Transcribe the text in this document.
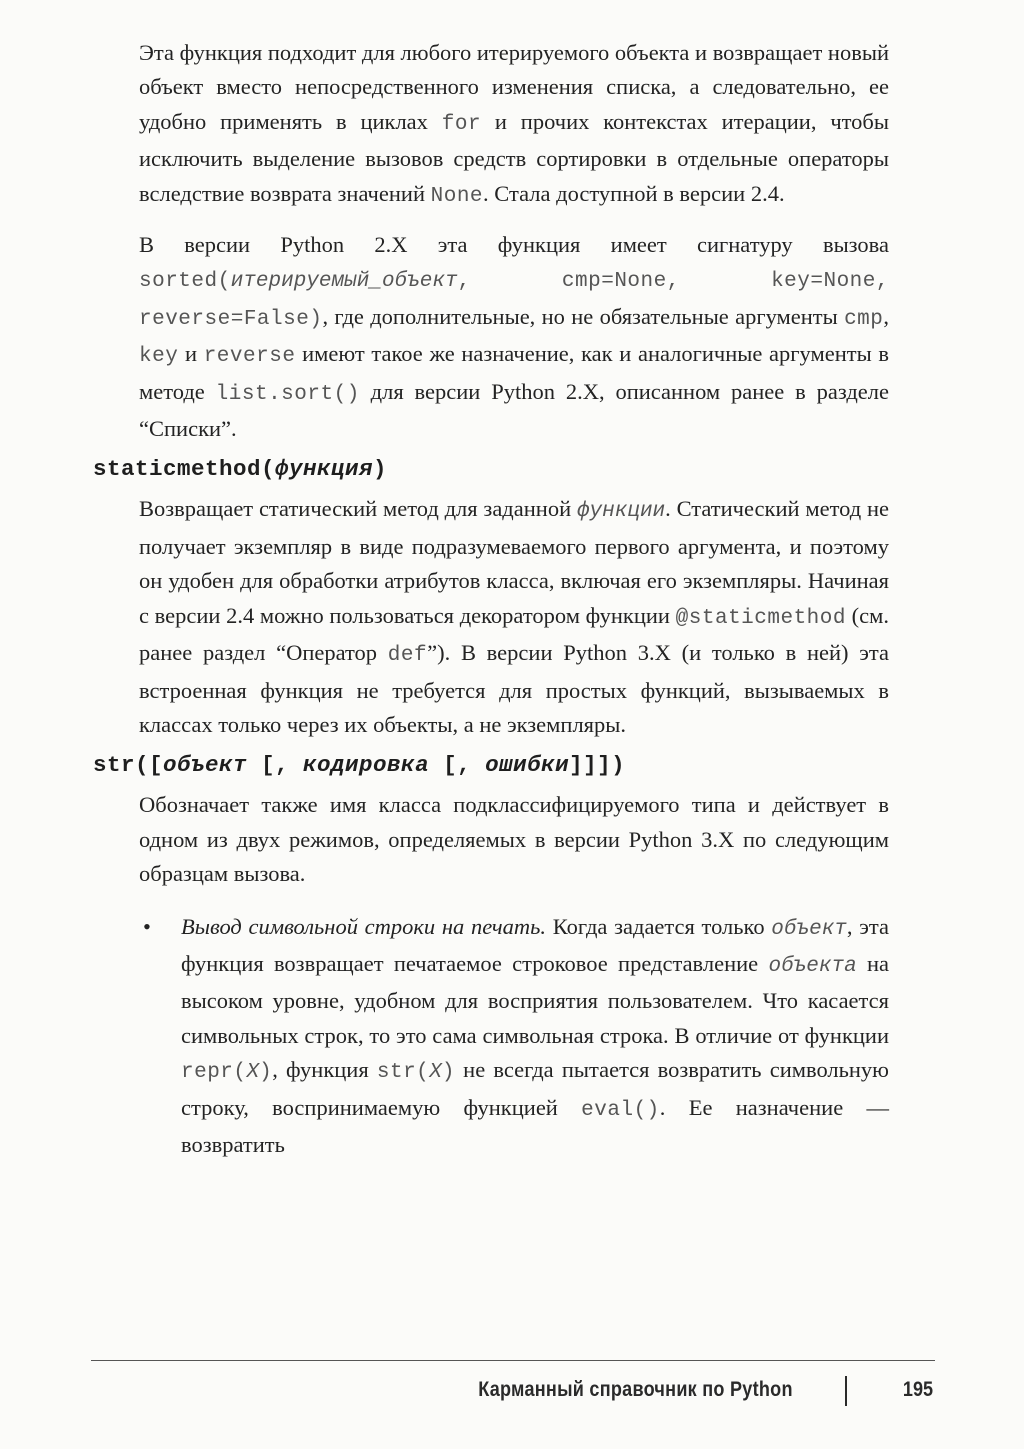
Эта функция подходит для любого итерируемого объекта и возвращает новый объект вместо непосредственного изменения списка, а следовательно, ее удобно применять в циклах for и прочих контекстах итерации, чтобы исключить выделение вызовов средств сортировки в отдельные операторы вследствие возврата значений None. Стала доступной в версии 2.4.

В версии Python 2.X эта функция имеет сигнатуру вызова sorted(итерируемый_объект, cmp=None, key=None, reverse=False), где дополнительные, но не обязательные аргументы cmp, key и reverse имеют такое же назначение, как и аналогичные аргументы в методе list.sort() для версии Python 2.X, описанном ранее в разделе “Списки”.

staticmethod(функция)

Возвращает статический метод для заданной функции. Статический метод не получает экземпляр в виде подразумеваемого первого аргумента, и поэтому он удобен для обработки атрибутов класса, включая его экземпляры. Начиная с версии 2.4 можно пользоваться декоратором функции @staticmethod (см. ранее раздел “Оператор def”). В версии Python 3.X (и только в ней) эта встроенная функция не требуется для простых функций, вызываемых в классах только через их объекты, а не экземпляры.

str([объект [, кодировка [, ошибки]]])

Обозначает также имя класса подклассифицируемого типа и действует в одном из двух режимов, определяемых в версии Python 3.X по следующим образцам вызова.

• Вывод символьной строки на печать. Когда задается только объект, эта функция возвращает печатаемое строковое представление объекта на высоком уровне, удобном для восприятия пользователем. Что касается символьных строк, то это сама символьная строка. В отличие от функции repr(X), функция str(X) не всегда пытается возвратить символьную строку, воспринимаемую функцией eval(). Ее назначение — возвратить
Карманный справочник по Python	195
